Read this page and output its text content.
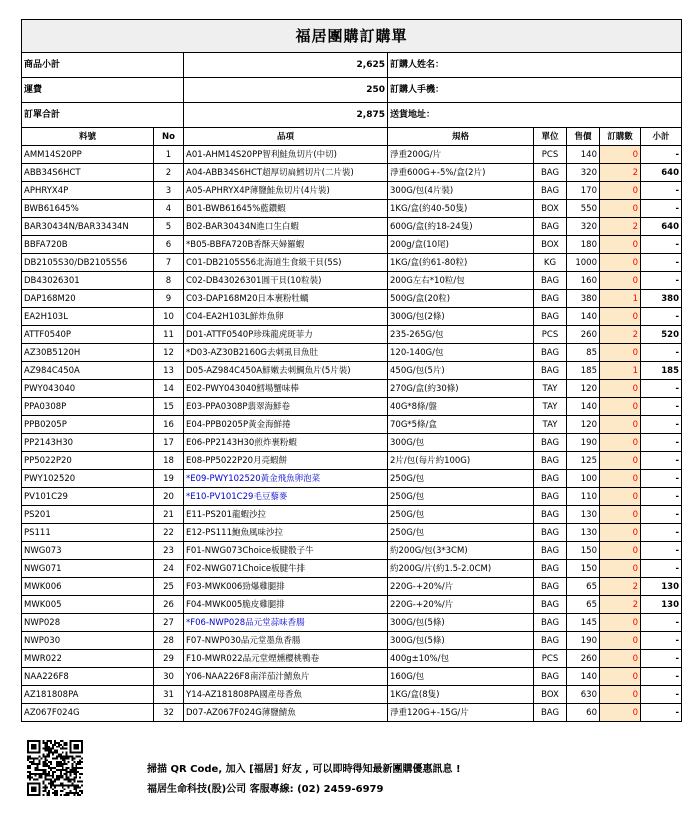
福居團購訂購單							
商品小計		2,625	訂購人姓名：				
運費		250	訂購人手機：				
訂單合計		2,875	送貨地址：				
料號	No	品項	規格	單位	售價	訂購數	小計
AMM14S20PP	1	A01-AHM14S20PP智利鮭魚切片(中切)	淨重200G/片	PCS	140	0	-
ABB34S6HCT	2	A04-ABB34S6HCT超厚切扁鱈切片(二片裝)	淨重600G+-5%/盒(2片)	BAG	320	2	640
APHRYX4P	3	A05-APHRYX4P薄鹽鮭魚切片(4片裝)	300G/包(4片裝)	BAG	170	0	-
BWB61645%	4	B01-BWB61645%藍鑽蝦	1KG/盒(約40-50隻)	BOX	550	0	-
BAR30434N/BAR33434N	5	B02-BAR30434N進口生白蝦	600G/盒(約18-24隻)	BAG	320	2	640
BBFA720B	6	*B05-BBFA720B香酥天婦羅蝦	200g/盒(10尾)	BOX	180	0	-
DB2105S30/DB2105S56	7	C01-DB2105S56北海道生食級干貝(5S)	1KG/盒(約61-80粒)	KG	1000	0	-
DB43026301	8	C02-DB43026301圓干貝(10粒裝)	200G左右*10粒/包	BAG	160	0	-
DAP168M20	9	C03-DAP168M20日本裹粉牡蠣	500G/盒(20粒)	BAG	380	1	380
EA2H103L	10	C04-EA2H103L鮮炸魚卵	300G/包(2條)	BAG	140	0	-
ATTF0540P	11	D01-ATTF0540P珍珠龍虎斑菲力	235-265G/包	PCS	260	2	520
AZ30B5120H	12	*D03-AZ30B2160G去刺虱目魚肚	120-140G/包	BAG	85	0	-
AZ984C450A	13	D05-AZ984C450A鮮嫩去刺鯛魚片(5片裝)	450G/包(5片)	BAG	185	1	185
PWY043040	14	E02-PWY043040鱈場蟹味棒	270G/盒(約30條)	TAY	120	0	-
PPA0308P	15	E03-PPA0308P翡翠海鮮卷	40G*8條/盤	TAY	140	0	-
PPB0205P	16	E04-PPB0205P黃金海鮮捲	70G*5條/盒	TAY	120	0	-
PP2143H30	17	E06-PP2143H30煎炸裹粉蝦	300G/包	BAG	190	0	-
PP5022P20	18	E08-PP5022P20月亮蝦餅	2片/包(每片約100G)	BAG	125	0	-
PWY102520	19	*E09-PWY102520黃金飛魚卵泡菜	250G/包	BAG	100	0	-
PV101C29	20	*E10-PV101C29毛豆藜麥	250G/包	BAG	110	0	-
PS201	21	E11-PS201龍蝦沙拉	250G/包	BAG	130	0	-
PS111	22	E12-PS111鮑魚風味沙拉	250G/包	BAG	130	0	-
NWG073	23	F01-NWG073Choice板腱骰子牛	約200G/包(3*3CM)	BAG	150	0	-
NWG071	24	F02-NWG071Choice板腱牛排	約200G/片(約1.5-2.0CM)	BAG	150	0	-
MWK006	25	F03-MWK006勁爆雞腿排	220G-+20%/片	BAG	65	2	130
MWK005	26	F04-MWK005脆皮雞腿排	220G-+20%/片	BAG	65	2	130
NWP028	27	*F06-NWP028品元堂蒜味香腸	300G/包(5條)	BAG	145	0	-
NWP030	28	F07-NWP030品元堂墨魚香腸	300G/包(5條)	BAG	190	0	-
MWR022	29	F10-MWR022品元堂煙燻櫻桃鴨卷	400g±10%/包	PCS	260	0	-
NAA226F8	30	Y06-NAA226F8南洋茄汁鯖魚片	160G/包	BAG	140	0	-
AZ181808PA	31	Y14-AZ181808PA國產母香魚	1KG/盒(8隻)	BOX	630	0	-
AZ067F024G	32	D07-AZ067F024G薄鹽鯖魚	淨重120G+-15G/片	BAG	60	0	-
掃描 QR Code, 加入 [福居] 好友 , 可以即時得知最新團購優惠訊息 !
福居生命科技(股)公司 客服專線: (02) 2459-6979
